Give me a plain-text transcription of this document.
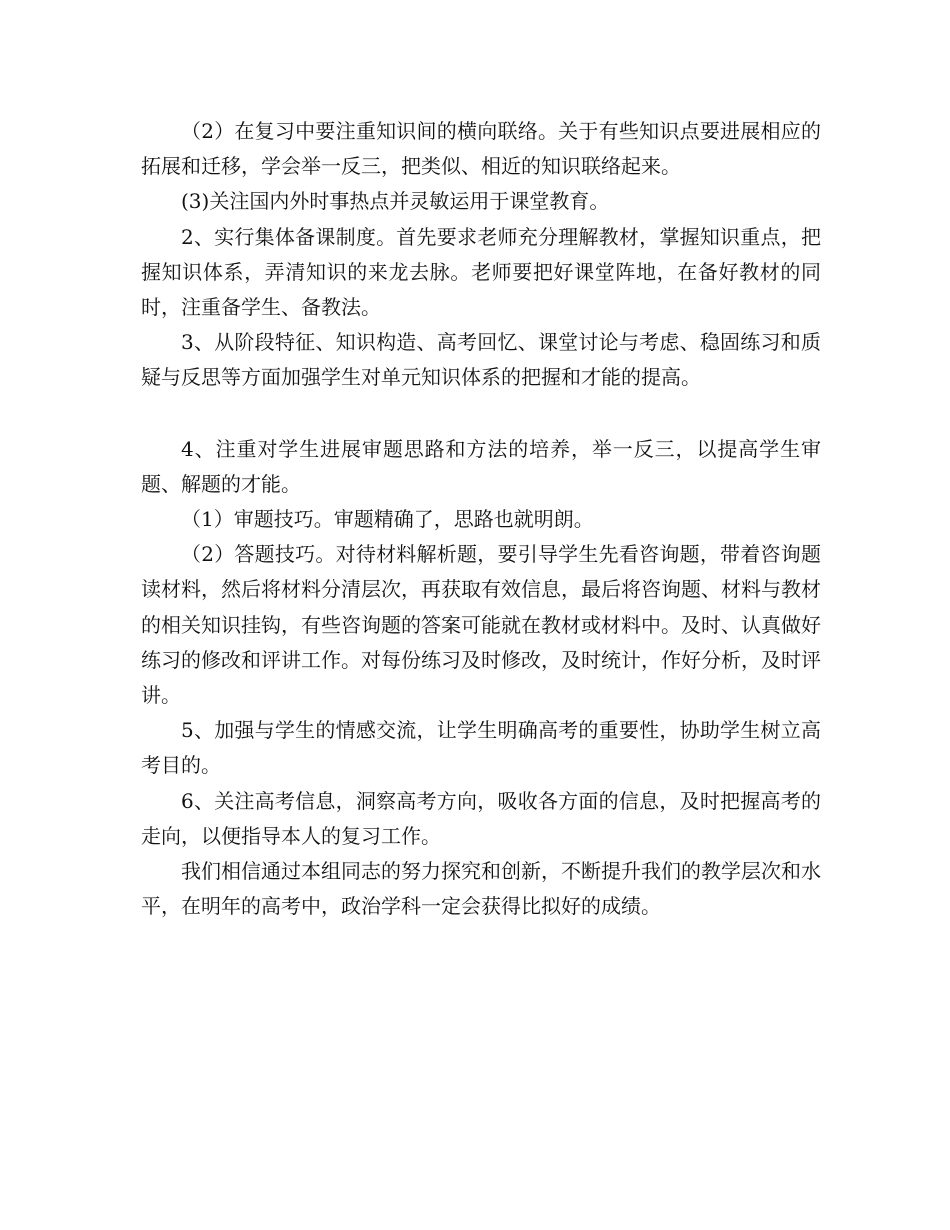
（2）在复习中要注重知识间的横向联络。关于有些知识点要进展相应的拓展和迁移，学会举一反三，把类似、相近的知识联络起来。

(3)关注国内外时事热点并灵敏运用于课堂教育。

2、实行集体备课制度。首先要求老师充分理解教材，掌握知识重点，把握知识体系，弄清知识的来龙去脉。老师要把好课堂阵地，在备好教材的同时，注重备学生、备教法。

3、从阶段特征、知识构造、高考回忆、课堂讨论与考虑、稳固练习和质疑与反思等方面加强学生对单元知识体系的把握和才能的提高。

4、注重对学生进展审题思路和方法的培养，举一反三，以提高学生审题、解题的才能。

（1）审题技巧。审题精确了，思路也就明朗。

（2）答题技巧。对待材料解析题，要引导学生先看咨询题，带着咨询题读材料，然后将材料分清层次，再获取有效信息，最后将咨询题、材料与教材的相关知识挂钩，有些咨询题的答案可能就在教材或材料中。及时、认真做好练习的修改和评讲工作。对每份练习及时修改，及时统计，作好分析，及时评讲。

5、加强与学生的情感交流，让学生明确高考的重要性，协助学生树立高考目的。

6、关注高考信息，洞察高考方向，吸收各方面的信息，及时把握高考的走向，以便指导本人的复习工作。

我们相信通过本组同志的努力探究和创新，不断提升我们的教学层次和水平，在明年的高考中，政治学科一定会获得比拟好的成绩。
